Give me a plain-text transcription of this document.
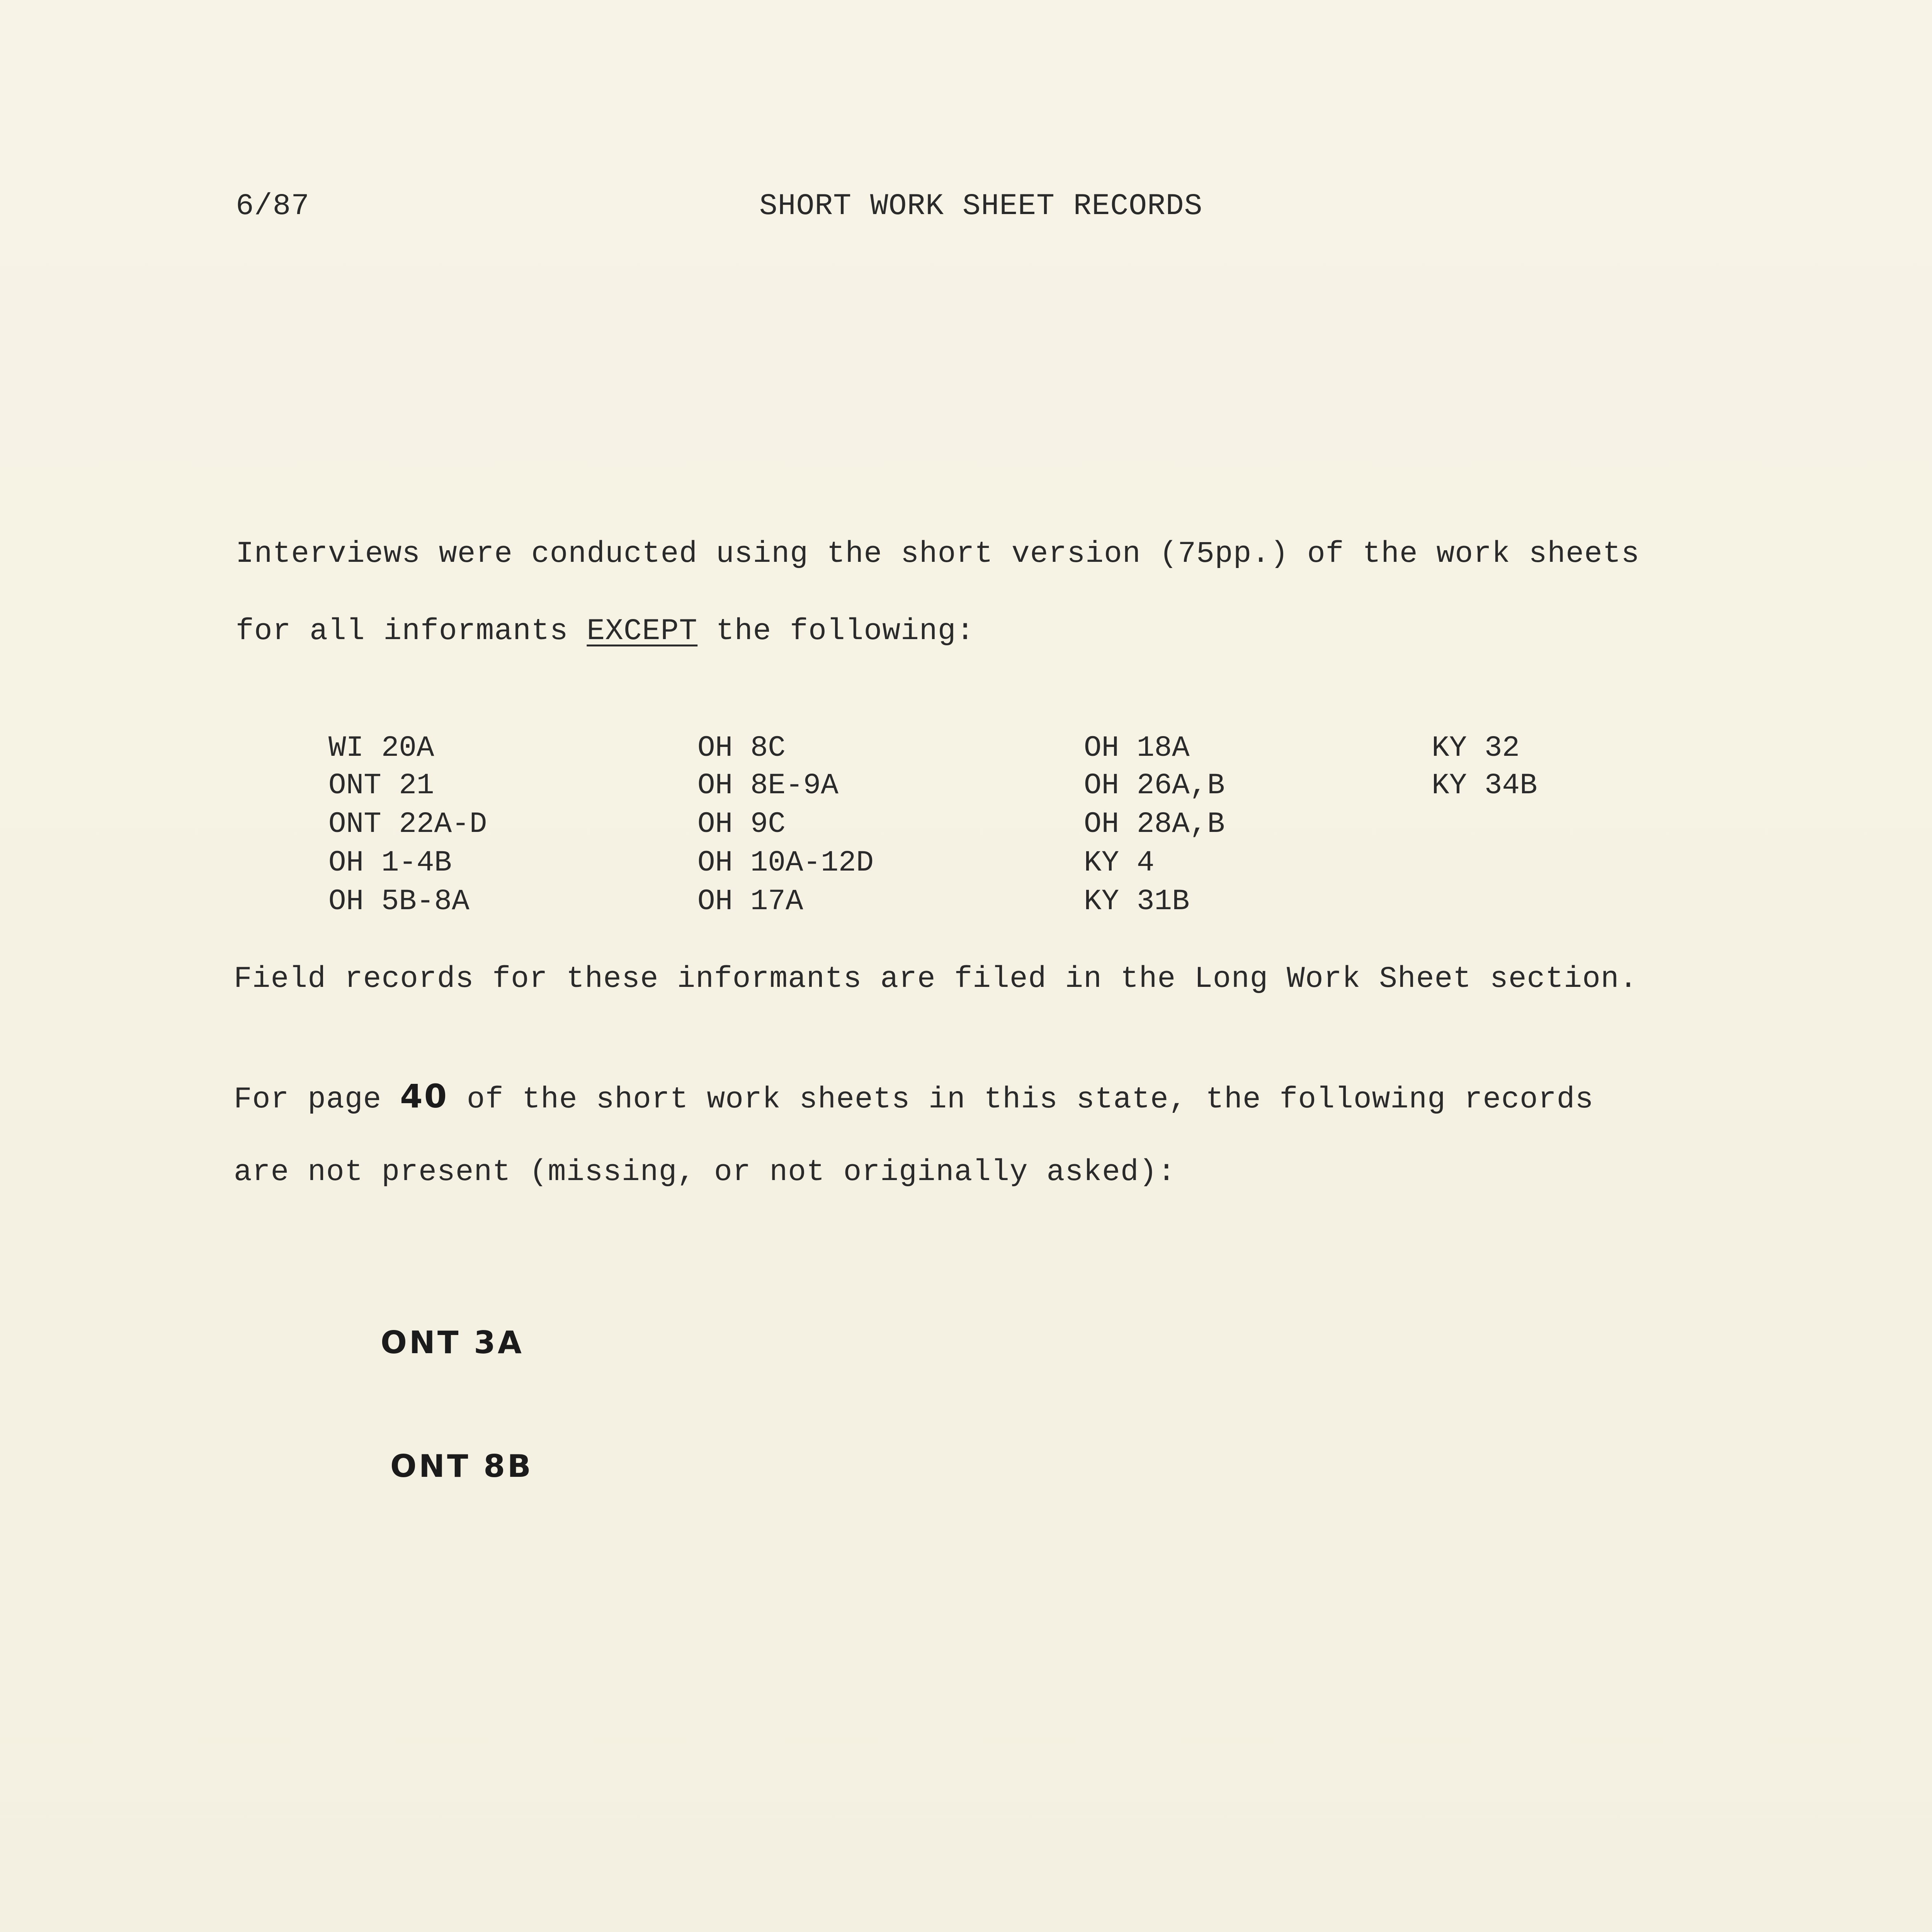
6/87	SHORT WORK SHEET RECORDS
Interviews were conducted using the short version (75pp.) of the work sheets
for all informants EXCEPT the following:
WI 20A
ONT 21
ONT 22A-D
OH 1-4B
OH 5B-8A
OH 8C
OH 8E-9A
OH 9C
OH 10A-12D
OH 17A
OH 18A
OH 26A,B
OH 28A,B
KY 4
KY 31B
KY 32
KY 34B
Field records for these informants are filed in the Long Work Sheet section.
For page 40 of the short work sheets in this state, the following records
are not present (missing, or not originally asked):
ONT 3A
ONT 8B
